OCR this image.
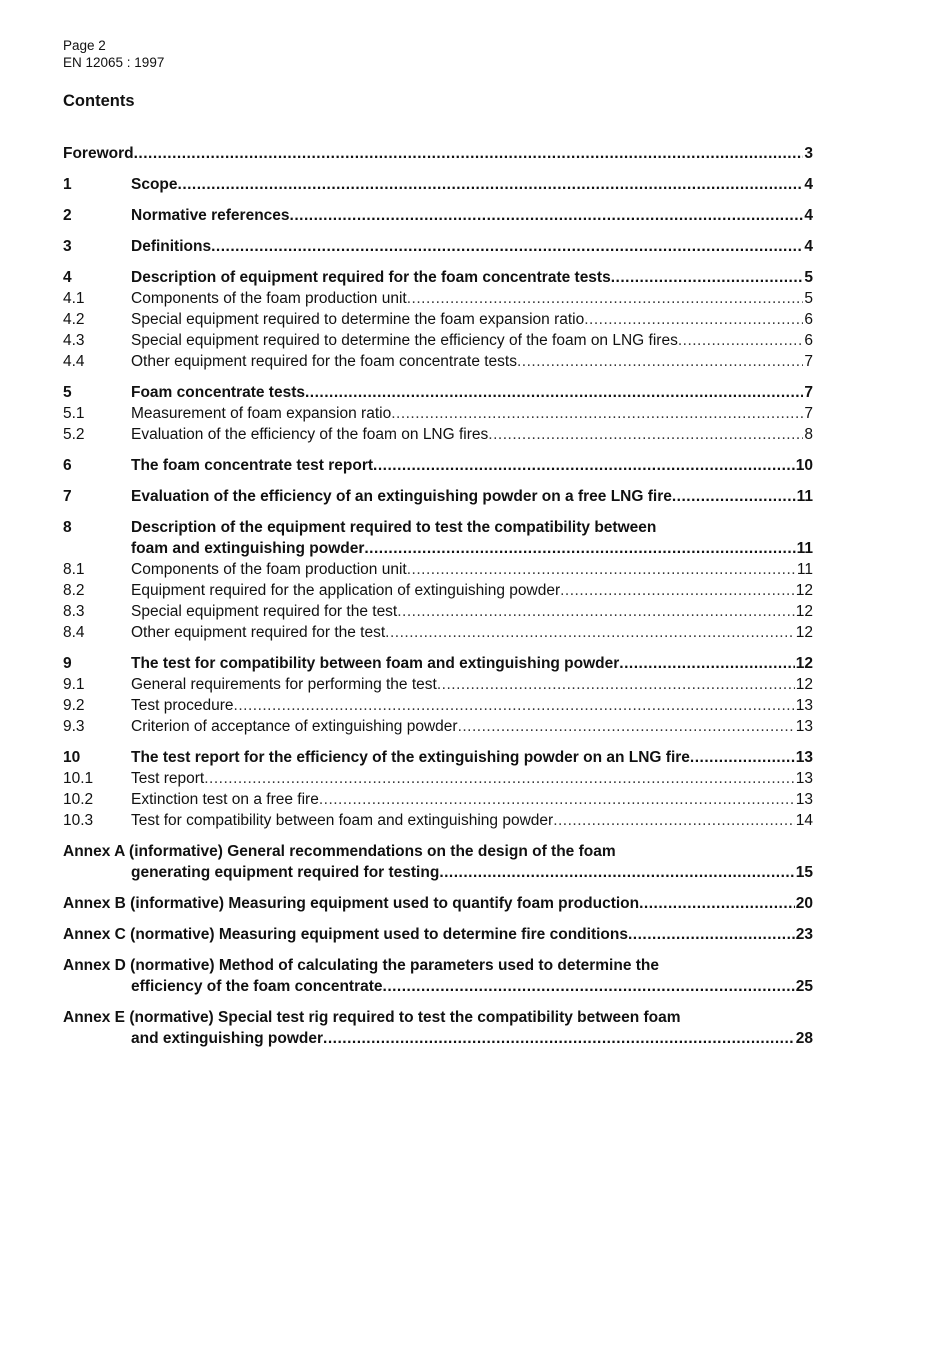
Page 2
EN 12065 : 1997
Contents
Foreword .....	3
1	Scope .....	4
2	Normative references .....	4
3	Definitions .....	4
4	Description of equipment required for the foam concentrate tests .....	5
4.1	Components of the foam production unit .....	5
4.2	Special equipment required to determine the foam expansion ratio .....	6
4.3	Special equipment required to determine the efficiency of the foam on LNG fires .....	6
4.4	Other equipment required for the foam concentrate tests .....	7
5	Foam concentrate tests .....	7
5.1	Measurement of foam expansion ratio .....	7
5.2	Evaluation of the efficiency of the foam on LNG fires .....	8
6	The foam concentrate test report .....	10
7	Evaluation of the efficiency of an extinguishing powder on a free LNG fire .....	11
8	Description of the equipment required to test the compatibility between
foam and extinguishing powder .....	11
8.1	Components of the foam production unit .....	11
8.2	Equipment required for the application of extinguishing powder .....	12
8.3	Special equipment required for the test .....	12
8.4	Other equipment required for the test .....	12
9	The test for compatibility between foam and extinguishing powder .....	12
9.1	General requirements for performing the test .....	12
9.2	Test procedure .....	13
9.3	Criterion of acceptance of extinguishing powder .....	13
10	The test report for the efficiency of the extinguishing powder on an LNG fire .....	13
10.1 Test report .....	13
10.2 Extinction test on a free fire .....	13
10.3 Test for compatibility between foam and extinguishing powder .....	14
Annex A (informative) General recommendations on the design of the foam
generating equipment required for testing .....	15
Annex B (informative) Measuring equipment used to quantify foam production .....	20
Annex C (normative) Measuring equipment used to determine fire conditions .....	23
Annex D (normative) Method of calculating the parameters used to determine the
efficiency of the foam concentrate .....	25
Annex E (normative) Special test rig required to test the compatibility between foam
and extinguishing powder .....	28
